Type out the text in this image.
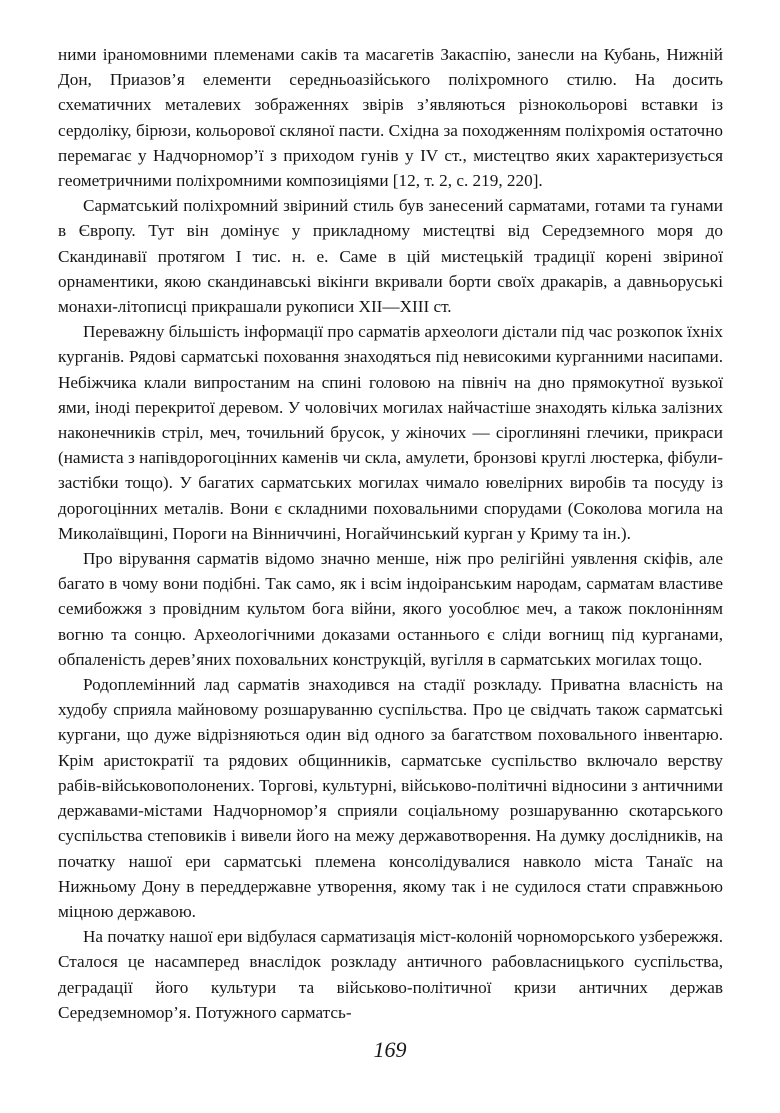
ними іраномовними племенами саків та масагетів Закаспію, занесли на Кубань, Нижній Дон, Приазов’я елементи середньоазійського поліхромного стилю. На досить схематичних металевих зображеннях звірів з’являються різнокольорові вставки із сердоліку, бірюзи, кольорової скляної пасти. Східна за походженням поліхромія остаточно перемагає у Надчорномор’ї з приходом гунів у IV ст., мистецтво яких характеризується геометричними поліхромними композиціями [12, т. 2, с. 219, 220].

Сарматський поліхромний звіриний стиль був занесений сарматами, готами та гунами в Європу. Тут він домінує у прикладному мистецтві від Середземного моря до Скандинавії протягом І тис. н. е. Саме в цій мистецькій традиції корені звіриної орнаментики, якою скандинавські вікінги вкривали борти своїх дракарів, а давньоруські монахи-літописці прикрашали рукописи XII—XIII ст.

Переважну більшість інформації про сарматів археологи дістали під час розкопок їхніх курганів. Рядові сарматські поховання знаходяться під невисокими курганними насипами. Небіжчика клали випростаним на спині головою на північ на дно прямокутної вузької ями, іноді перекритої деревом. У чоловічих могилах найчастіше знаходять кілька залізних наконечників стріл, меч, точильний брусок, у жіночих — сіроглиняні глечики, прикраси (намиста з напівдорогоцінних каменів чи скла, амулети, бронзові круглі люстерка, фібули-застібки тощо). У багатих сарматських могилах чимало ювелірних виробів та посуду із дорогоцінних металів. Вони є складними поховальними спорудами (Соколова могила на Миколаївщині, Пороги на Вінниччині, Ногайчинський курган у Криму та ін.).

Про вірування сарматів відомо значно менше, ніж про релігійні уявлення скіфів, але багато в чому вони подібні. Так само, як і всім індоіранським народам, сарматам властиве семибожжя з провідним культом бога війни, якого уособлює меч, а також поклонінням вогню та сонцю. Археологічними доказами останнього є сліди вогнищ під курганами, обпаленість дерев’яних поховальних конструкцій, вугілля в сарматських могилах тощо.

Родоплемінний лад сарматів знаходився на стадії розкладу. Приватна власність на худобу сприяла майновому розшаруванню суспільства. Про це свідчать також сарматські кургани, що дуже відрізняються один від одного за багатством поховального інвентарю. Крім аристократії та рядових общинників, сарматське суспільство включало верству рабів-військовополонених. Торгові, культурні, військово-політичні відносини з античними державами-містами Надчорномор’я сприяли соціальному розшаруванню скотарського суспільства степовиків і вивели його на межу державотворення. На думку дослідників, на початку нашої ери сарматські племена консолідувалися навколо міста Танаїс на Нижньому Дону в переддержавне утворення, якому так і не судилося стати справжньою міцною державою.

На початку нашої ери відбулася сарматизація міст-колоній чорноморського узбережжя. Сталося це насамперед внаслідок розкладу античного рабовласницького суспільства, деградації його культури та військово-політичної кризи античних держав Середземномор’я. Потужного сарматсь-

169
